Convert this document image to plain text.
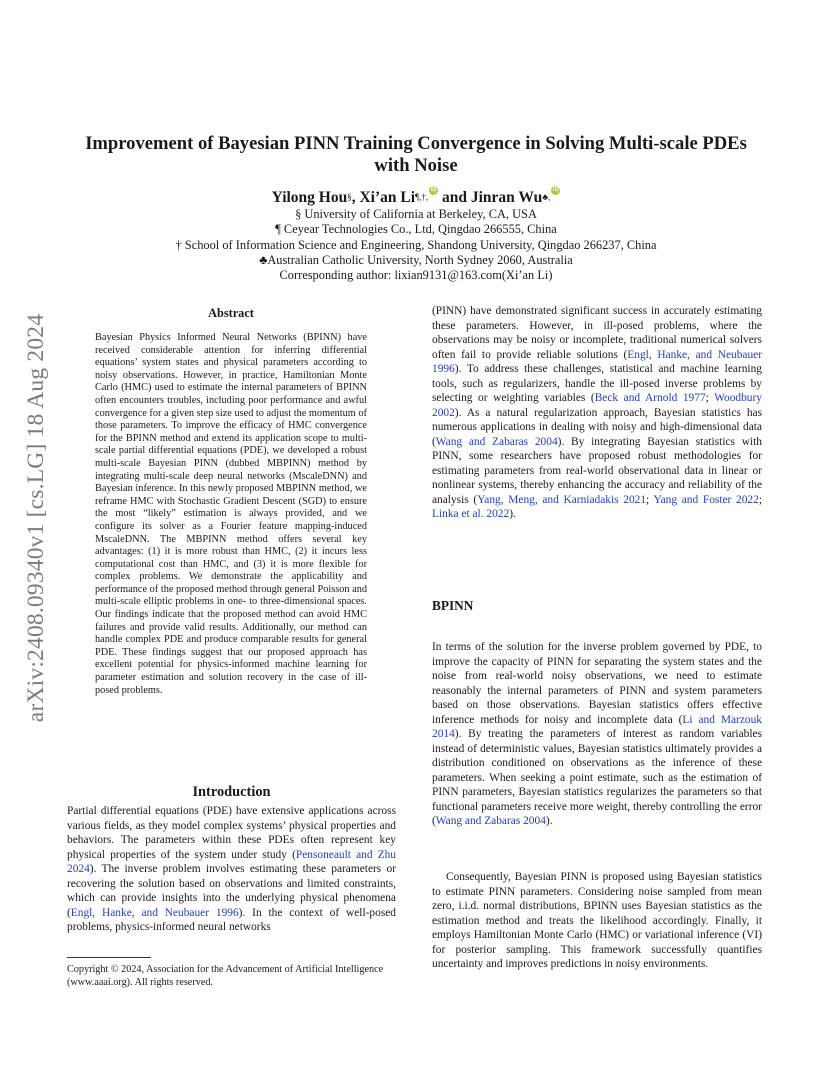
arXiv:2408.09340v1 [cs.LG] 18 Aug 2024
Improvement of Bayesian PINN Training Convergence in Solving Multi-scale PDEs with Noise
Yilong Hou§, Xi’an Li¶,†,iD and Jinran Wu♣,iD
§ University of California at Berkeley, CA, USA
¶ Ceyear Technologies Co., Ltd, Qingdao 266555, China
† School of Information Science and Engineering, Shandong University, Qingdao 266237, China
♣Australian Catholic University, North Sydney 2060, Australia
Corresponding author: lixian9131@163.com(Xi’an Li)
Abstract
Bayesian Physics Informed Neural Networks (BPINN) have received considerable attention for inferring differential equations’ system states and physical parameters according to noisy observations. However, in practice, Hamiltonian Monte Carlo (HMC) used to estimate the internal parameters of BPINN often encounters troubles, including poor performance and awful convergence for a given step size used to adjust the momentum of those parameters. To improve the efficacy of HMC convergence for the BPINN method and extend its application scope to multi-scale partial differential equations (PDE), we developed a robust multi-scale Bayesian PINN (dubbed MBPINN) method by integrating multi-scale deep neural networks (MscaleDNN) and Bayesian inference. In this newly proposed MBPINN method, we reframe HMC with Stochastic Gradient Descent (SGD) to ensure the most “likely” estimation is always provided, and we configure its solver as a Fourier feature mapping-induced MscaleDNN. The MBPINN method offers several key advantages: (1) it is more robust than HMC, (2) it incurs less computational cost than HMC, and (3) it is more flexible for complex problems. We demonstrate the applicability and performance of the proposed method through general Poisson and multi-scale elliptic problems in one- to three-dimensional spaces. Our findings indicate that the proposed method can avoid HMC failures and provide valid results. Additionally, our method can handle complex PDE and produce comparable results for general PDE. These findings suggest that our proposed approach has excellent potential for physics-informed machine learning for parameter estimation and solution recovery in the case of ill-posed problems.
Introduction

Partial differential equations (PDE) have extensive applications across various fields, as they model complex systems’ physical properties and behaviors. The parameters within these PDEs often represent key physical properties of the system under study (Pensoneault and Zhu 2024). The inverse problem involves estimating these parameters or recovering the solution based on observations and limited constraints, which can provide insights into the underlying physical phenomena (Engl, Hanke, and Neubauer 1996). In the context of well-posed problems, physics-informed neural networks

Copyright © 2024, Association for the Advancement of Artificial Intelligence (www.aaai.org). All rights reserved.

(PINN) have demonstrated significant success in accurately estimating these parameters. However, in ill-posed problems, where the observations may be noisy or incomplete, traditional numerical solvers often fail to provide reliable solutions (Engl, Hanke, and Neubauer 1996). To address these challenges, statistical and machine learning tools, such as regularizers, handle the ill-posed inverse problems by selecting or weighting variables (Beck and Arnold 1977; Woodbury 2002). As a natural regularization approach, Bayesian statistics has numerous applications in dealing with noisy and high-dimensional data (Wang and Zabaras 2004). By integrating Bayesian statistics with PINN, some researchers have proposed robust methodologies for estimating parameters from real-world observational data in linear or nonlinear systems, thereby enhancing the accuracy and reliability of the analysis (Yang, Meng, and Karniadakis 2021; Yang and Foster 2022; Linka et al. 2022).

BPINN

In terms of the solution for the inverse problem governed by PDE, to improve the capacity of PINN for separating the system states and the noise from real-world noisy observations, we need to estimate reasonably the internal parameters of PINN and system parameters based on those observations. Bayesian statistics offers effective inference methods for noisy and incomplete data (Li and Marzouk 2014). By treating the parameters of interest as random variables instead of deterministic values, Bayesian statistics ultimately provides a distribution conditioned on observations as the inference of these parameters. When seeking a point estimate, such as the estimation of PINN parameters, Bayesian statistics regularizes the parameters so that functional parameters receive more weight, thereby controlling the error (Wang and Zabaras 2004).

Consequently, Bayesian PINN is proposed using Bayesian statistics to estimate PINN parameters. Considering noise sampled from mean zero, i.i.d. normal distributions, BPINN uses Bayesian statistics as the estimation method and treats the likelihood accordingly. Finally, it employs Hamiltonian Monte Carlo (HMC) or variational inference (VI) for posterior sampling. This framework successfully quantifies uncertainty and improves predictions in noisy environments.
